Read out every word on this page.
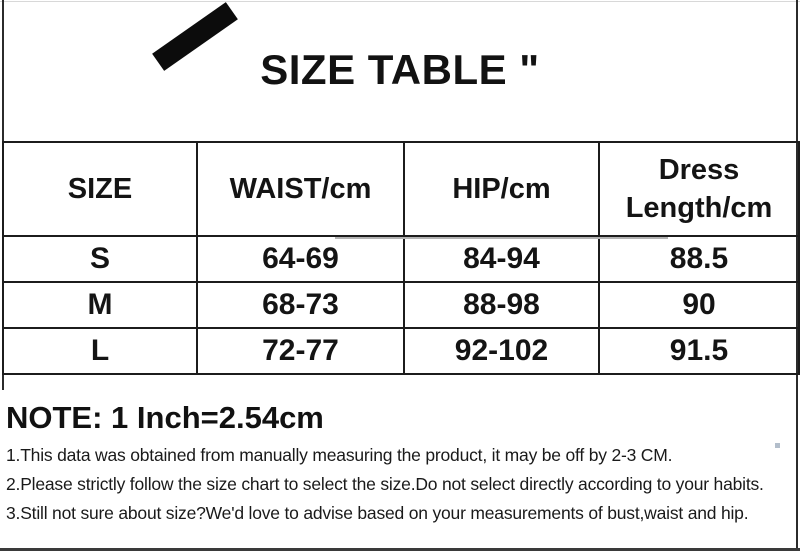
SIZE TABLE "
SIZE	WAIST/cm	HIP/cm	Dress Length/cm
S	64-69	84-94	88.5
M	68-73	88-98	90
L	72-77	92-102	91.5
NOTE: 1 Inch=2.54cm
1.This data was obtained from manually measuring the product, it may be off by 2-3 CM.
2.Please strictly follow the size chart to select the size.Do not select directly according to your habits.
3.Still not sure about size?We'd love to advise based on your measurements of bust,waist and hip.
